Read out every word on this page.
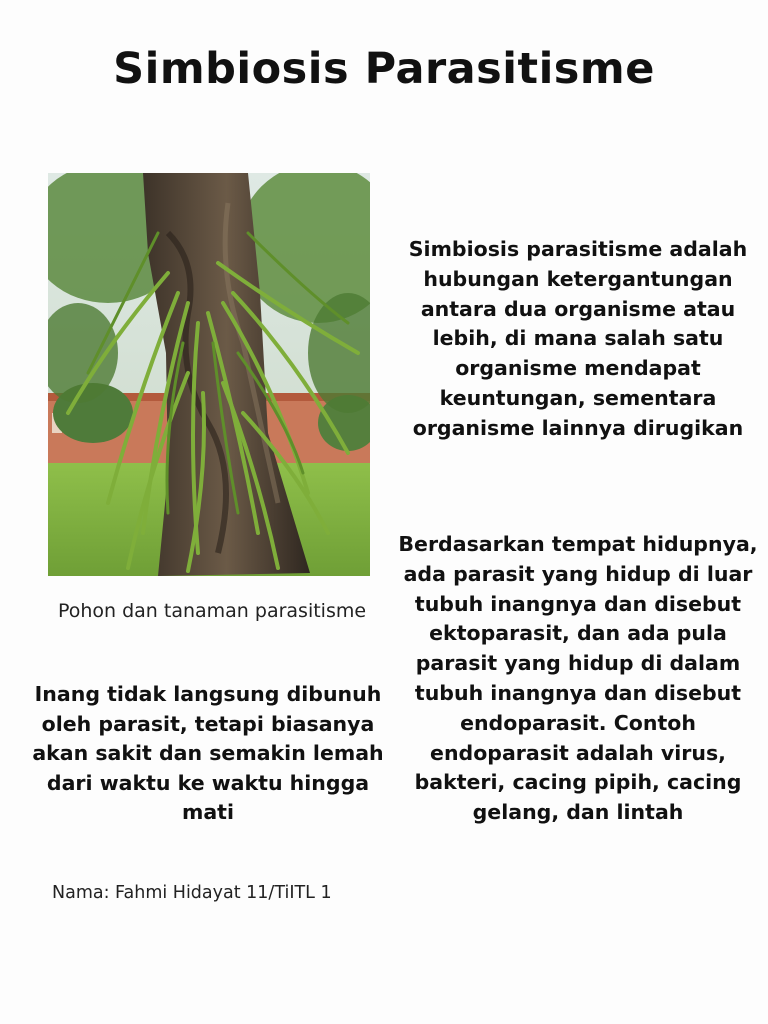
Simbiosis Parasitisme
Pohon dan tanaman parasitisme
Simbiosis parasitisme adalah hubungan ketergantungan antara dua organisme atau lebih, di mana salah satu organisme mendapat keuntungan, sementara organisme lainnya dirugikan
Berdasarkan tempat hidupnya, ada parasit yang hidup di luar tubuh inangnya dan disebut ektoparasit, dan ada pula parasit yang hidup di dalam tubuh inangnya dan disebut endoparasit. Contoh endoparasit adalah virus, bakteri, cacing pipih, cacing gelang, dan lintah
Inang tidak langsung dibunuh oleh parasit, tetapi biasanya akan sakit dan semakin lemah dari waktu ke waktu hingga mati
Nama: Fahmi Hidayat 11/TiITL 1
